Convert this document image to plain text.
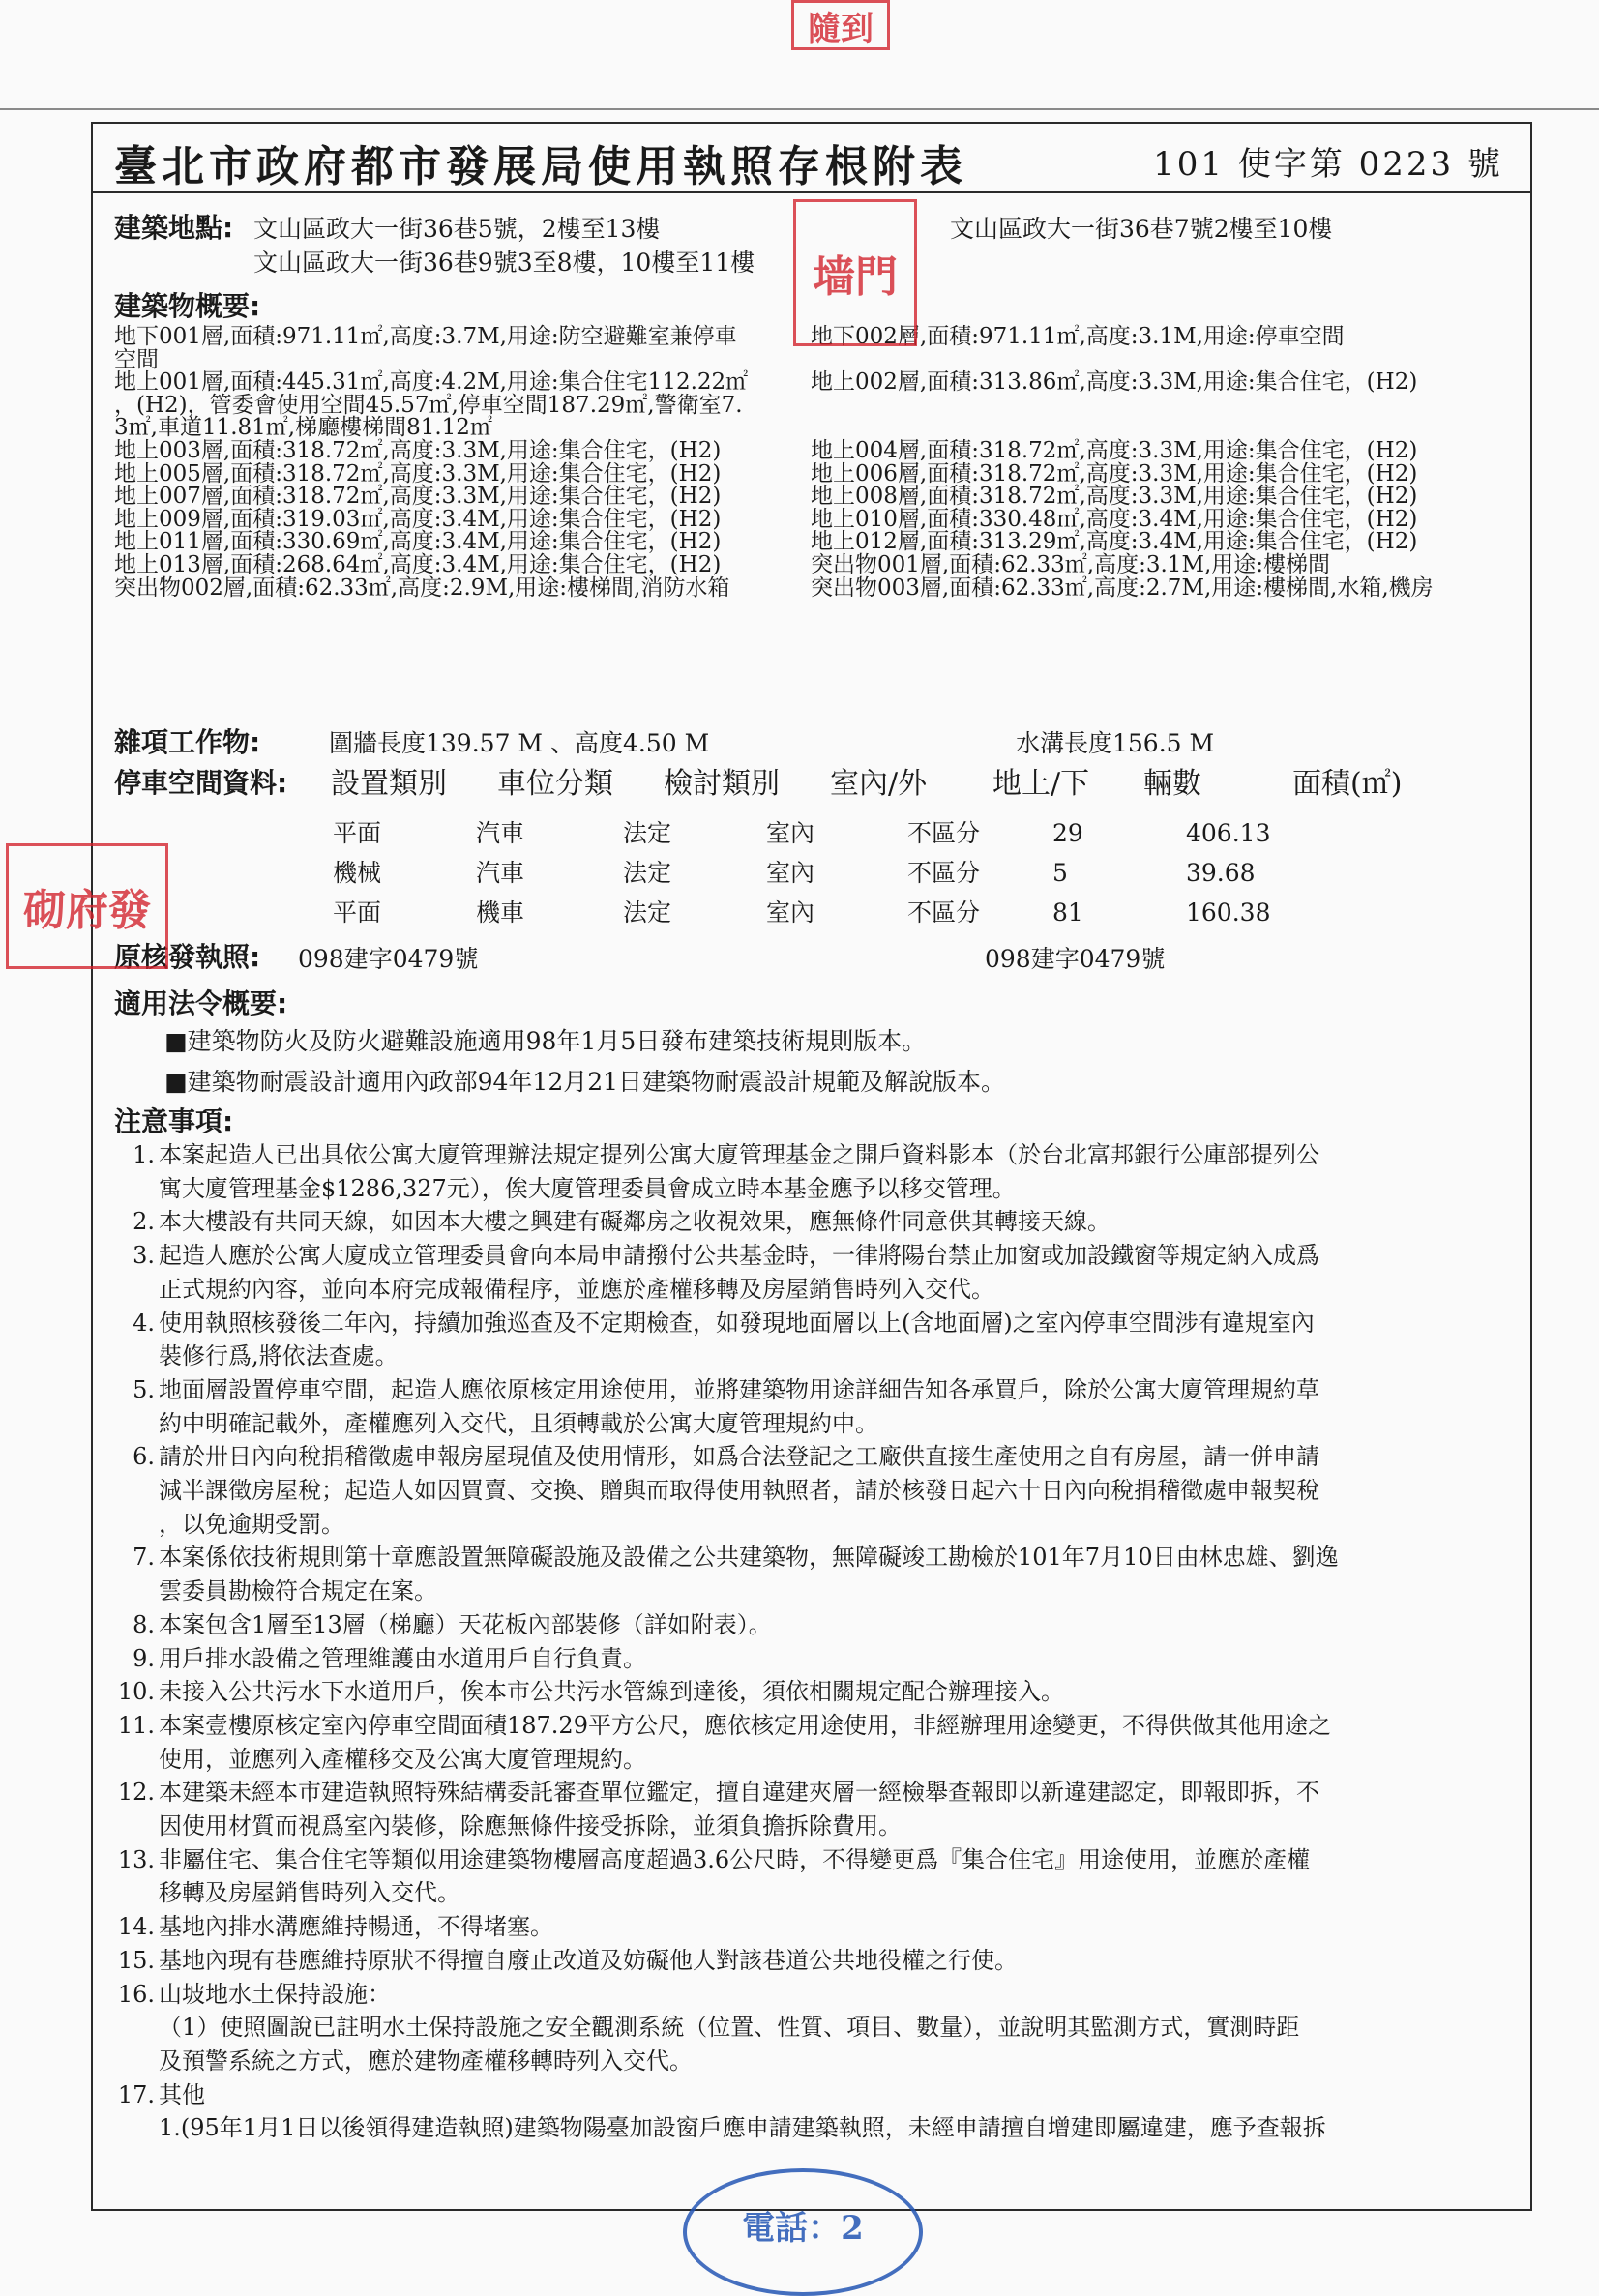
隨到
臺北市政府都市發展局使用執照存根附表	101 使字第 0223 號
建築地點: 文山區政大一街36巷5號，2樓至13樓
文山區政大一街36巷9號3至8樓，10樓至11樓
文山區政大一街36巷7號2樓至10樓
建築物概要:
地下001層,面積:971.11㎡,高度:3.7M,用途:防空避難室兼停車	地下002層,面積:971.11㎡,高度:3.1M,用途:停車空間
空間
地上001層,面積:445.31㎡,高度:4.2M,用途:集合住宅112.22㎡	地上002層,面積:313.86㎡,高度:3.3M,用途:集合住宅，(H2)
，(H2)，管委會使用空間45.57㎡,停車空間187.29㎡,警衛室7.
3㎡,車道11.81㎡,梯廳樓梯間81.12㎡
地上003層,面積:318.72㎡,高度:3.3M,用途:集合住宅，(H2)	地上004層,面積:318.72㎡,高度:3.3M,用途:集合住宅，(H2)
地上005層,面積:318.72㎡,高度:3.3M,用途:集合住宅，(H2)	地上006層,面積:318.72㎡,高度:3.3M,用途:集合住宅，(H2)
地上007層,面積:318.72㎡,高度:3.3M,用途:集合住宅，(H2)	地上008層,面積:318.72㎡,高度:3.3M,用途:集合住宅，(H2)
地上009層,面積:319.03㎡,高度:3.4M,用途:集合住宅，(H2)	地上010層,面積:330.48㎡,高度:3.4M,用途:集合住宅，(H2)
地上011層,面積:330.69㎡,高度:3.4M,用途:集合住宅，(H2)	地上012層,面積:313.29㎡,高度:3.4M,用途:集合住宅，(H2)
地上013層,面積:268.64㎡,高度:3.4M,用途:集合住宅，(H2)	突出物001層,面積:62.33㎡,高度:3.1M,用途:樓梯間
突出物002層,面積:62.33㎡,高度:2.9M,用途:樓梯間,消防水箱	突出物003層,面積:62.33㎡,高度:2.7M,用途:樓梯間,水箱,機房
雜項工作物:	圍牆長度139.57 M 、高度4.50 M	水溝長度156.5 M
停車空間資料: 設置類別 車位分類 檢討類別 室內/外 地上/下 輛數	面積(㎡)
平面	汽車	法定	室內	不區分	29	406.13
機械	汽車	法定	室內	不區分	5	39.68
平面	機車	法定	室內	不區分	81	160.38
原核發執照: 098建字0479號	098建字0479號
適用法令概要:
■建築物防火及防火避難設施適用98年1月5日發布建築技術規則版本。
■建築物耐震設計適用內政部94年12月21日建築物耐震設計規範及解說版本。
注意事項:
1. 本案起造人已出具依公寓大廈管理辦法規定提列公寓大廈管理基金之開戶資料影本（於台北富邦銀行公庫部提列公
寓大廈管理基金$1286,327元），俟大廈管理委員會成立時本基金應予以移交管理。
2. 本大樓設有共同天線，如因本大樓之興建有礙鄰房之收視效果，應無條件同意供其轉接天線。
3. 起造人應於公寓大廈成立管理委員會向本局申請撥付公共基金時，一律將陽台禁止加窗或加設鐵窗等規定納入成爲
正式規約內容，並向本府完成報備程序，並應於產權移轉及房屋銷售時列入交代。
4. 使用執照核發後二年內，持續加強巡查及不定期檢查，如發現地面層以上(含地面層)之室內停車空間涉有違規室內
裝修行爲,將依法查處。
5. 地面層設置停車空間，起造人應依原核定用途使用，並將建築物用途詳細告知各承買戶，除於公寓大廈管理規約草
約中明確記載外，產權應列入交代，且須轉載於公寓大廈管理規約中。
6. 請於卅日內向稅捐稽徵處申報房屋現值及使用情形，如爲合法登記之工廠供直接生產使用之自有房屋，請一併申請
減半課徵房屋稅；起造人如因買賣、交換、贈與而取得使用執照者，請於核發日起六十日內向稅捐稽徵處申報契稅
，以免逾期受罰。
7. 本案係依技術規則第十章應設置無障礙設施及設備之公共建築物，無障礙竣工勘檢於101年7月10日由林忠雄、劉逸
雲委員勘檢符合規定在案。
8. 本案包含1層至13層（梯廳）天花板內部裝修（詳如附表）。
9. 用戶排水設備之管理維護由水道用戶自行負責。
10. 未接入公共污水下水道用戶，俟本市公共污水管線到達後，須依相關規定配合辦理接入。
11. 本案壹樓原核定室內停車空間面積187.29平方公尺，應依核定用途使用，非經辦理用途變更，不得供做其他用途之
使用，並應列入產權移交及公寓大廈管理規約。
12. 本建築未經本市建造執照特殊結構委託審查單位鑑定，擅自違建夾層一經檢舉查報即以新違建認定，即報即拆，不
因使用材質而視爲室內裝修，除應無條件接受拆除，並須負擔拆除費用。
13. 非屬住宅、集合住宅等類似用途建築物樓層高度超過3.6公尺時，不得變更爲『集合住宅』用途使用，並應於產權
移轉及房屋銷售時列入交代。
14. 基地內排水溝應維持暢通，不得堵塞。
15. 基地內現有巷應維持原狀不得擅自廢止改道及妨礙他人對該巷道公共地役權之行使。
16. 山坡地水土保持設施：
（1）使照圖說已註明水土保持設施之安全觀測系統（位置、性質、項目、數量），並說明其監測方式，實測時距
及預警系統之方式，應於建物產權移轉時列入交代。
17. 其他
1.(95年1月1日以後領得建造執照)建築物陽臺加設窗戶應申請建築執照，未經申請擅自增建即屬違建，應予查報拆
墙門
砌府發
電話：2
